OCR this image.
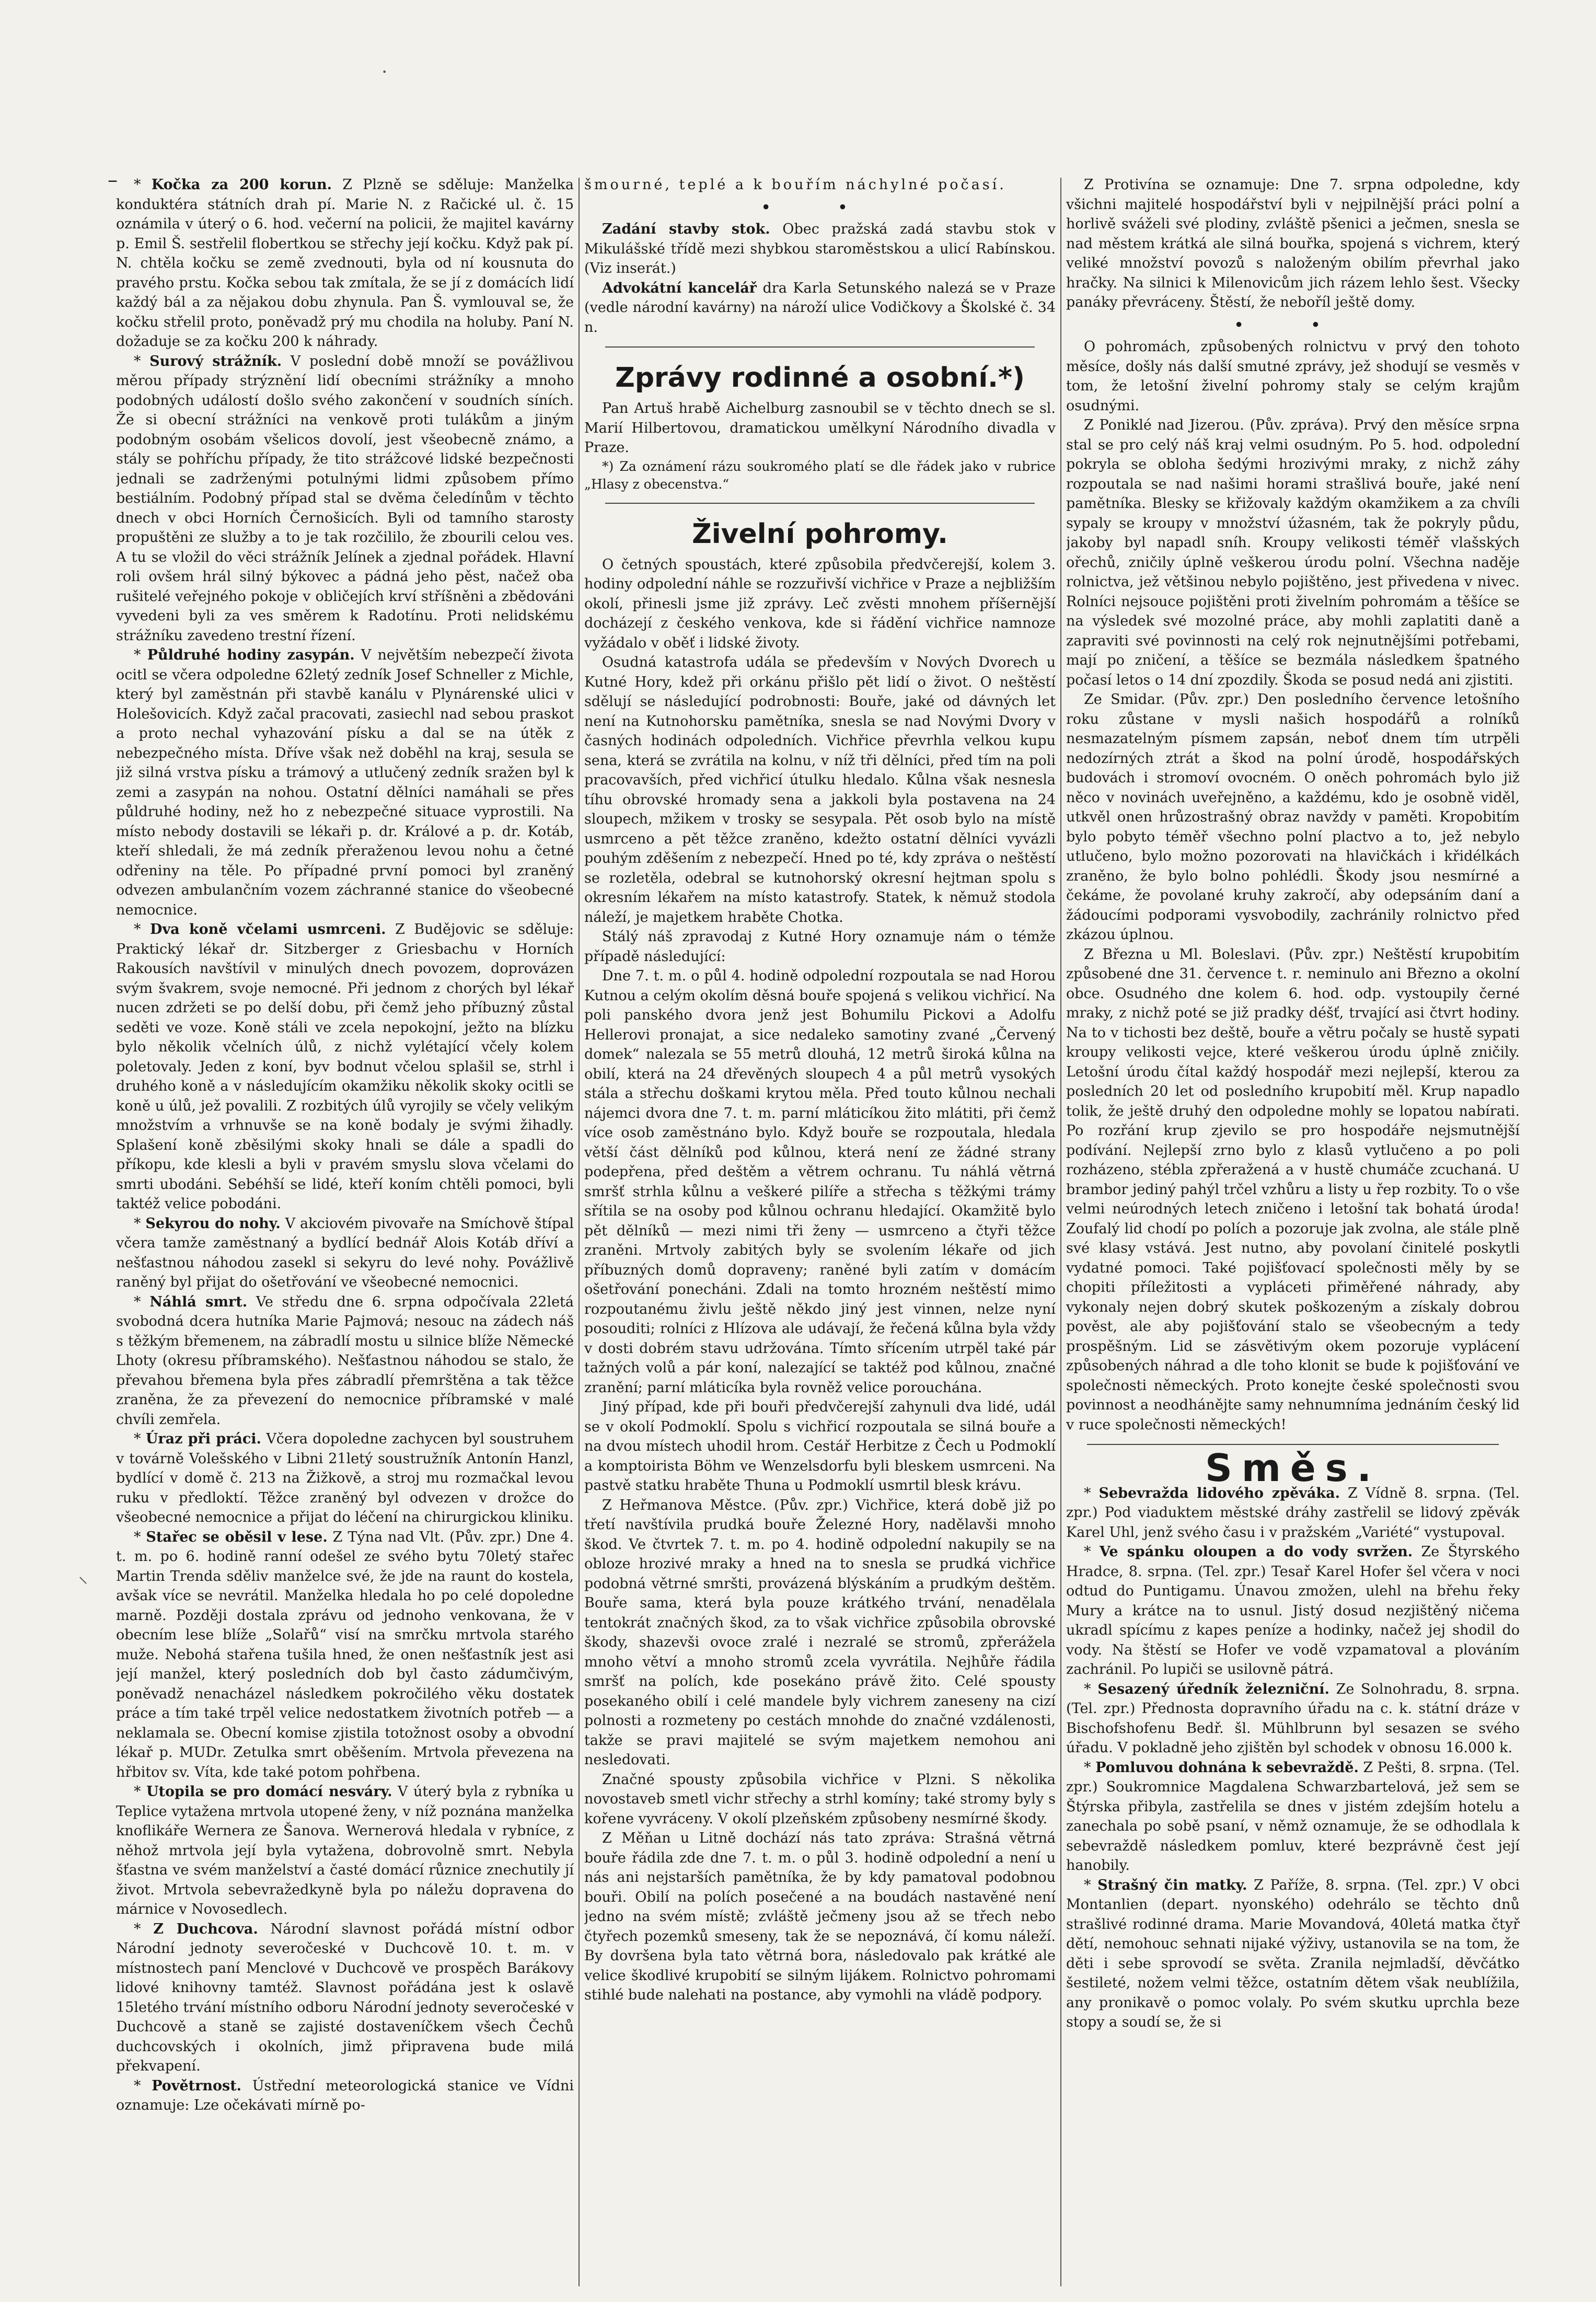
⁻	* Kočka za 200 korun. Z Plzně se sděluje: Manželka konduktéra státních drah pí. Marie N. z Račické ul. č. 15 oznámila v úterý o 6. hod. večerní na policii, že majitel kavárny p. Emil Š. sestřelil flobertkou se střechy její kočku. Když pak pí. N. chtěla kočku se země zvednouti, byla od ní kousnuta do pravého prstu. Kočka sebou tak zmítala, že se jí z domácích lidí každý bál a za nějakou dobu zhynula. Pan Š. vymlouval se, že kočku střelil proto, poněvadž prý mu chodila na holuby. Paní N. dožaduje se za kočku 200 k náhrady.

* Surový strážník. V poslední době množí se povážlivou měrou případy strýznění lidí obecními strážníky a mnoho podobných událostí došlo svého zakončení v soudních síních. Že si obecní strážníci na venkově proti tulákům a jiným podobným osobám všelicos dovolí, jest všeobecně známo, a stály se pohříchu případy, že tito strážcové lidské bezpečnosti jednali se zadrženými potulnými lidmi způsobem přímo bestiálním. Podobný případ stal se dvěma čeledínům v těchto dnech v obci Horních Černošicích. Byli od tamního starosty propuštěni ze služby a to je tak rozčililo, že zbourili celou ves. A tu se vložil do věci strážník Jelínek a zjednal pořádek. Hlavní roli ovšem hrál silný býkovec a pádná jeho pěst, načež oba rušitelé veřejného pokoje v obličejích krví stříšněni a zbědováni vyvedeni byli za ves směrem k Radotínu. Proti nelidskému strážníku zavedeno trestní řízení.

* Půldruhé hodiny zasypán. V největším nebezpečí života ocitl se včera odpoledne 62letý zedník Josef Schneller z Michle, který byl zaměstnán při stavbě kanálu v Plynárenské ulici v Holešovicích. Když začal pracovati, zasiechl nad sebou praskot a proto nechal vyhazování písku a dal se na útěk z nebezpečného místa. Dříve však než doběhl na kraj, sesula se již silná vrstva písku a trámový a utlučený zedník sražen byl k zemi a zasypán na nohou. Ostatní dělníci namáhali se přes půldruhé hodiny, než ho z nebezpečné situace vyprostili. Na místo nebody dostavili se lékaři p. dr. Králové a p. dr. Kotáb, kteří shledali, že má zedník přeraženou levou nohu a četné odřeniny na těle. Po případné první pomoci byl zraněný odvezen ambulančním vozem záchranné stanice do všeobecné nemocnice.

* Dva koně včelami usmrceni. Z Budějovic se sděluje: Praktický lékař dr. Sitzberger z Griesbachu v Horních Rakousích navštívil v minulých dnech povozem, doprovázen svým švakrem, svoje nemocné. Při jednom z chorých byl lékař nucen zdržeti se po delší dobu, při čemž jeho příbuzný zůstal seděti ve voze. Koně stáli ve zcela nepokojní, ježto na blízku bylo několik včelních úlů, z nichž vylétající včely kolem poletovaly. Jeden z koní, byv bodnut včelou splašil se, strhl i druhého koně a v následujícím okamžiku několik skoky ocitli se koně u úlů, jež povalili. Z rozbitých úlů vyrojily se včely velikým množstvím a vrhnuvše se na koně bodaly je svými žihadly. Splašení koně zběsilými skoky hnali se dále a spadli do příkopu, kde klesli a byli v pravém smyslu slova včelami do smrti ubodáni. Sebéhší se lidé, kteří koním chtěli pomoci, byli taktéž velice pobodáni.

* Sekyrou do nohy. V akciovém pivovaře na Smíchově štípal včera tamže zaměstnaný a bydlící bednář Alois Kotáb dříví a nešťastnou náhodou zasekl si sekyru do levé nohy. Povážlivě raněný byl přijat do ošetřování ve všeobecné nemocnici.

* Náhlá smrt. Ve středu dne 6. srpna odpočívala 22letá svobodná dcera hutníka Marie Pajmová; nesouc na zádech náš s těžkým břemenem, na zábradlí mostu u silnice blíže Německé Lhoty (okresu příbramského). Nešťastnou náhodou se stalo, že převahou břemena byla přes zábradlí přemrštěna a tak těžce zraněna, že za převezení do nemocnice příbramské v malé chvíli zemřela.

* Úraz při práci. Včera dopoledne zachycen byl soustruhem v továrně Volešského v Libni 21letý soustružník Antonín Hanzl, bydlící v domě č. 213 na Žižkově, a stroj mu rozmačkal levou ruku v předloktí. Těžce zraněný byl odvezen v drožce do všeobecné nemocnice a přijat do léčení na chirurgickou kliniku.

* Stařec se oběsil v lese. Z Týna nad Vlt. (Pův. zpr.) Dne 4. t. m. po 6. hodině ranní odešel ze svého bytu 70letý stařec Martin Trenda sděliv manželce své, že jde na raunt do kostela, avšak více se nevrátil. Manželka hledala ho po celé dopoledne marně. Později dostala zprávu od jednoho venkovana, že v obecním lese blíže „Solařů“ visí na smrčku mrtvola starého muže. Nebohá stařena tušila hned, že onen nešťastník jest asi její manžel, který posledních dob byl často zádumčivým, poněvadž nenacházel následkem pokročilého věku dostatek práce a tím také trpěl velice nedostatkem životních potřeb — a neklamala se. Obecní komise zjistila totožnost osoby a obvodní lékař p. MUDr. Zetulka smrt oběšením. Mrtvola převezena na hřbitov sv. Víta, kde také potom pohřbena.

* Utopila se pro domácí nesváry. V úterý byla z rybníka u Teplice vytažena mrtvola utopené ženy, v níž poznána manželka knoflikáře Wernera ze Šanova. Wernerová hledala v rybníce, z něhož mrtvola její byla vytažena, dobrovolně smrt. Nebyla šťastna ve svém manželství a časté domácí různice znechutily jí život. Mrtvola sebevražedkyně byla po náležu dopravena do márnice v Novosedlech.

* Z Duchcova. Národní slavnost pořádá místní odbor Národní jednoty severočeské v Duchcově 10. t. m. v místnostech paní Menclové v Duchcově ve prospěch Barákovy lidové knihovny tamtéž. Slavnost pořádána jest k oslavě 15letého trvání místního odboru Národní jednoty severočeské v Duchcově a staně se zajisté dostaveníčkem všech Čechů duchcovských i okolních, jimž připravena bude milá překvapení.

* Povětrnost. Ústřední meteorologická stanice ve Vídni oznamuje: Lze očekávati mírně po-

šmourné, teplé a k bouřím náchylné počasí.

• •

Zadání stavby stok. Obec pražská zadá stavbu stok v Mikulášské třídě mezi shybkou staroměstskou a ulicí Rabínskou. (Viz inserát.)

Advokátní kancelář dra Karla Setunského nalezá se v Praze (vedle národní kavárny) na nároží ulice Vodičkovy a Školské č. 34 n.

Zprávy rodinné a osobní.*)

Pan Artuš hrabě Aichelburg zasnoubil se v těchto dnech se sl. Marií Hilbertovou, dramatickou umělkyní Národního divadla v Praze.

*) Za oznámení rázu soukromého platí se dle řádek jako v rubrice „Hlasy z obecenstva.“

Živelní pohromy.

O četných spoustách, které způsobila předvčerejší, kolem 3. hodiny odpolední náhle se rozzuřivší vichřice v Praze a nejbližším okolí, přinesli jsme již zprávy. Leč zvěsti mnohem příšernější docházejí z českého venkova, kde si řádění vichřice namnoze vyžádalo v oběť i lidské životy.

Osudná katastrofa udála se především v Nových Dvorech u Kutné Hory, kdež při orkánu přišlo pět lidí o život. O neštěstí sdělují se následující podrobnosti: Bouře, jaké od dávných let není na Kutnohorsku pamětníka, snesla se nad Novými Dvory v časných hodinách odpoledních. Vichřice převrhla velkou kupu sena, která se zvrátila na kolnu, v níž tři dělníci, před tím na poli pracovavších, před vichřicí útulku hledalo. Kůlna však nesnesla tíhu obrovské hromady sena a jakkoli byla postavena na 24 sloupech, mžikem v trosky se sesypala. Pět osob bylo na místě usmrceno a pět těžce zraněno, kdežto ostatní dělníci vyvázli pouhým zděšením z nebezpečí. Hned po té, kdy zpráva o neštěstí se rozletěla, odebral se kutnohorský okresní hejtman spolu s okresním lékařem na místo katastrofy. Statek, k němuž stodola náleží, je majetkem hraběte Chotka.

Stálý náš zpravodaj z Kutné Hory oznamuje nám o témže případě následující:

Dne 7. t. m. o půl 4. hodině odpolední rozpoutala se nad Horou Kutnou a celým okolím děsná bouře spojená s velikou vichřicí. Na poli panského dvora jenž jest Bohumilu Pickovi a Adolfu Hellerovi pronajat, a sice nedaleko samotiny zvané „Červený domek“ nalezala se 55 metrů dlouhá, 12 metrů široká kůlna na obilí, která na 24 dřevěných sloupech 4 a půl metrů vysokých stála a střechu doškami krytou měla. Před touto kůlnou nechali nájemci dvora dne 7. t. m. parní mláticíkou žito mlátiti, při čemž více osob zaměstnáno bylo. Když bouře se rozpoutala, hledala větší část dělníků pod kůlnou, která není ze žádné strany podepřena, před deštěm a větrem ochranu. Tu náhlá větrná smršť strhla kůlnu a veškeré pilíře a střecha s těžkými trámy sřítila se na osoby pod kůlnou ochranu hledající. Okamžitě bylo pět dělníků — mezi nimi tři ženy — usmrceno a čtyři těžce zraněni. Mrtvoly zabitých byly se svolením lékaře od jich příbuzných domů dopraveny; raněné byli zatím v domácím ošetřování ponecháni. Zdali na tomto hrozném neštěstí mimo rozpoutanému živlu ještě někdo jiný jest vinnen, nelze nyní posouditi; rolníci z Hlízova ale udávají, že řečená kůlna byla vždy v dosti dobrém stavu udržována. Tímto sřícením utrpěl také pár tažných volů a pár koní, nalezající se taktéž pod kůlnou, značné zranění; parní mláticíka byla rovněž velice porouchána.

Jiný případ, kde při bouři předvčerejší zahynuli dva lidé, udál se v okolí Podmoklí. Spolu s vichřicí rozpoutala se silná bouře a na dvou místech uhodil hrom. Cestář Herbitze z Čech u Podmoklí a komptoirista Böhm ve Wenzelsdorfu byli bleskem usmrceni. Na pastvě statku hraběte Thuna u Podmoklí usmrtil blesk krávu.

Z Heřmanova Městce. (Pův. zpr.) Vichřice, která době již po třetí navštívila prudká bouře Železné Hory, nadělavši mnoho škod. Ve čtvrtek 7. t. m. po 4. hodině odpolední nakupily se na obloze hrozivé mraky a hned na to snesla se prudká vichřice podobná větrné smršti, provázená blýskáním a prudkým deštěm. Bouře sama, která byla pouze krátkého trvání, nenadělala tentokrát značných škod, za to však vichřice způsobila obrovské škody, shazevši ovoce zralé i nezralé se stromů, zpřerážela mnoho větví a mnoho stromů zcela vyvrátila. Nejhůře řádila smršť na polích, kde posekáno právě žito. Celé spousty posekaného obilí i celé mandele byly vichrem zaneseny na cizí polnosti a rozmeteny po cestách mnohde do značné vzdálenosti, takže se pravi majitelé se svým majetkem nemohou ani nesledovati.

Značné spousty způsobila vichřice v Plzni. S několika novostaveb smetl vichr střechy a strhl komíny; také stromy byly s kořene vyvráceny. V okolí plzeňském způsobeny nesmírné škody.

Z Měňan u Litně dochází nás tato zpráva: Strašná větrná bouře řádila zde dne 7. t. m. o půl 3. hodině odpolední a není u nás ani nejstarších pamětníka, že by kdy pamatoval podobnou bouři. Obilí na polích posečené a na boudách nastavěné není jedno na svém místě; zvláště ječmeny jsou až se třech nebo čtyřech pozemků smeseny, tak že se nepoznává, čí komu náleží. By dovršena byla tato větrná bora, následovalo pak krátké ale velice škodlivé krupobití se silným lijákem. Rolnictvo pohromami stihlé bude nalehati na postance, aby vymohli na vládě podpory.

Z Protivína se oznamuje: Dne 7. srpna odpoledne, kdy všichni majitelé hospodářství byli v nejpilnější práci polní a horlivě sváželi své plodiny, zvláště pšenici a ječmen, snesla se nad městem krátká ale silná bouřka, spojená s vichrem, který veliké množství povozů s naloženým obilím převrhal jako hračky. Na silnici k Milenovicům jich rázem lehlo šest. Všecky panáky převráceny. Štěstí, že neboříl ještě domy.

• •

O pohromách, způsobených rolnictvu v prvý den tohoto měsíce, došly nás další smutné zprávy, jež shodují se vesměs v tom, že letošní živelní pohromy staly se celým krajům osudnými.

Z Poniklé nad Jizerou. (Pův. zpráva). Prvý den měsíce srpna stal se pro celý náš kraj velmi osudným. Po 5. hod. odpolední pokryla se obloha šedými hrozivými mraky, z nichž záhy rozpoutala se nad našimi horami strašlivá bouře, jaké není pamětníka. Blesky se křižovaly každým okamžikem a za chvíli sypaly se kroupy v množství úžasném, tak že pokryly půdu, jakoby byl napadl sníh. Kroupy velikosti téměř vlašských ořechů, zničily úplně veškerou úrodu polní. Všechna naděje rolnictva, jež většinou nebylo pojištěno, jest přivedena v nivec. Rolníci nejsouce pojištěni proti živelním pohromám a těšíce se na výsledek své mozolné práce, aby mohli zaplatiti daně a zapraviti své povinnosti na celý rok nejnutnějšími potřebami, mají po zničení, a těšíce se bezmála následkem špatného počasí letos o 14 dní zpozdily. Škoda se posud nedá ani zjistiti.

Ze Smidar. (Pův. zpr.) Den posledního července letošního roku zůstane v mysli našich hospodářů a rolníků nesmazatelným písmem zapsán, neboť dnem tím utrpěli nedozírných ztrát a škod na polní úrodě, hospodářských budovách i stromoví ovocném. O oněch pohromách bylo již něco v novinách uveřejněno, a každému, kdo je osobně viděl, utkvěl onen hrůzostrašný obraz navždy v paměti. Kropobitím bylo pobyto téměř všechno polní plactvo a to, jež nebylo utlučeno, bylo možno pozorovati na hlavičkách i křidélkách zraněno, že bylo bolno pohlédli. Škody jsou nesmírné a čekáme, že povolané kruhy zakročí, aby odepsáním daní a žádoucími podporami vysvobodily, zachránily rolnictvo před zkázou úplnou.

Z Března u Ml. Boleslavi. (Pův. zpr.) Neštěstí krupobitím způsobené dne 31. července t. r. neminulo ani Březno a okolní obce. Osudného dne kolem 6. hod. odp. vystoupily černé mraky, z nichž poté se již pradky déšť, trvající asi čtvrt hodiny. Na to v tichosti bez deště, bouře a větru počaly se hustě sypati kroupy velikosti vejce, které veškerou úrodu úplně zničily. Letošní úrodu čítal každý hospodář mezi nejlepší, kterou za posledních 20 let od posledního krupobití měl. Krup napadlo tolik, že ještě druhý den odpoledne mohly se lopatou nabírati. Po rozřání krup zjevilo se pro hospodáře nejsmutnější podívání. Nejlepší zrno bylo z klasů vytlučeno a po poli rozházeno, stébla zpřeražená a v hustě chumáče zcuchaná. U brambor jediný pahýl trčel vzhůru a listy u řep rozbity. To o vše velmi neúrodných letech zničeno i letošní tak bohatá úroda! Zoufalý lid chodí po polích a pozoruje jak zvolna, ale stále plně své klasy vstává. Jest nutno, aby povolaní činitelé poskytli vydatné pomoci. Také pojišťovací společnosti měly by se chopiti příležitosti a vypláceti přiměřené náhrady, aby vykonaly nejen dobrý skutek poškozeným a získaly dobrou pověst, ale aby pojišťování stalo se všeobecným a tedy prospěšným. Lid se zásvětivým okem pozoruje vyplácení způsobených náhrad a dle toho klonit se bude k pojišťování ve společnosti německých. Proto konejte české společnosti svou povinnost a neodhánějte samy nehnumníma jednáním český lid v ruce společnosti německých!

Směs.

* Sebevražda lidového zpěváka. Z Vídně 8. srpna. (Tel. zpr.) Pod viaduktem městské dráhy zastřelil se lidový zpěvák Karel Uhl, jenž svého času i v pražském „Variété“ vystupoval.

* Ve spánku oloupen a do vody svržen. Ze Štyrského Hradce, 8. srpna. (Tel. zpr.) Tesař Karel Hofer šel včera v noci odtud do Puntigamu. Únavou zmožen, ulehl na břehu řeky Mury a krátce na to usnul. Jistý dosud nezjištěný ničema ukradl spícímu z kapes peníze a hodinky, načež jej shodil do vody. Na štěstí se Hofer ve vodě vzpamatoval a plováním zachránil. Po lupiči se usilovně pátrá.

* Sesazený úředník železniční. Ze Solnohradu, 8. srpna. (Tel. zpr.) Přednosta dopravního úřadu na c. k. státní dráze v Bischofshofenu Bedř. šl. Mühlbrunn byl sesazen se svého úřadu. V pokladně jeho zjištěn byl schodek v obnosu 16.000 k.

* Pomluvou dohnána k sebevraždě. Z Pešti, 8. srpna. (Tel. zpr.) Soukromnice Magdalena Schwarzbartelová, jež sem se Štýrska přibyla, zastřelila se dnes v jistém zdejším hotelu a zanechala po sobě psaní, v němž oznamuje, že se odhodlala k sebevraždě následkem pomluv, které bezprávně čest její hanobily.

* Strašný čin matky. Z Paříže, 8. srpna. (Tel. zpr.) V obci Montanlien (depart. nyonského) odehrálo se těchto dnů strašlivé rodinné drama. Marie Movandová, 40letá matka čtyř dětí, nemohouc sehnati nijaké výživy, ustanovila se na tom, že děti i sebe sprovodí se světa. Zranila nejmladší, děvčátko šestileté, nožem velmi těžce, ostatním dětem však neublížila, any pronikavě o pomoc volaly. Po svém skutku uprchla beze stopy a soudí se, že si

·
⸜
